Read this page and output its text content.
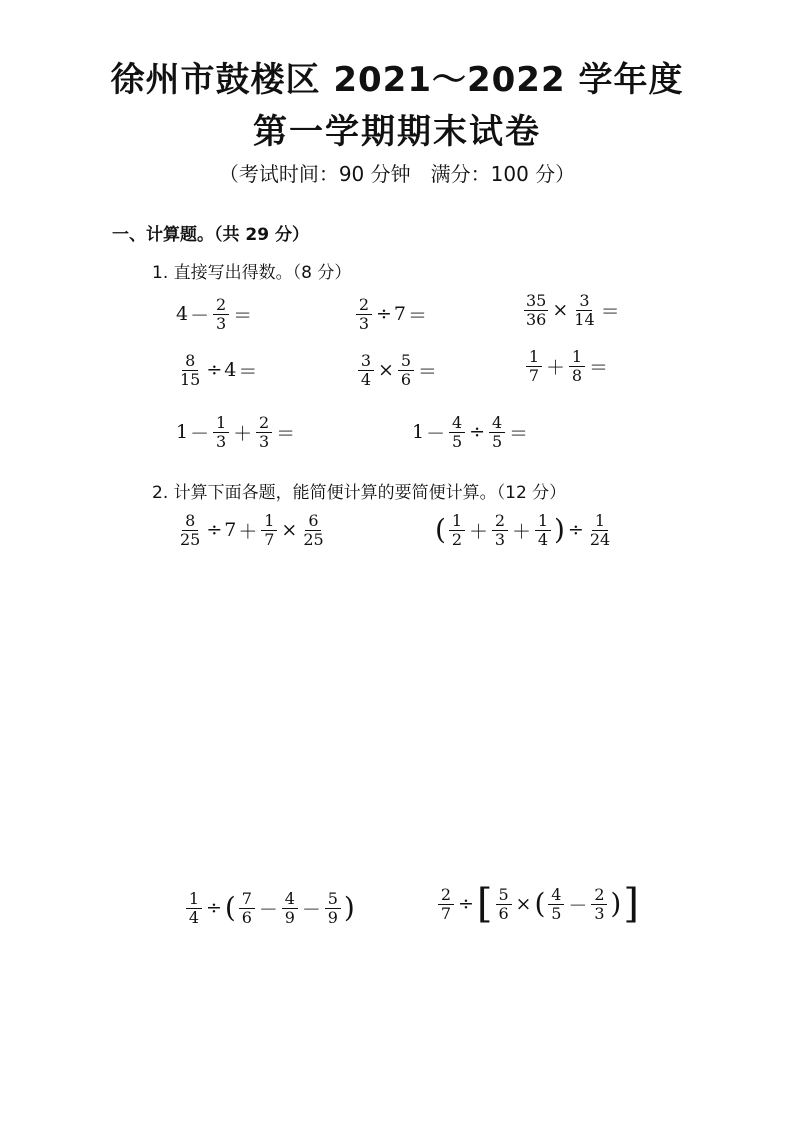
徐州市鼓楼区 2021～2022 学年度
第一学期期末试卷
（考试时间：90 分钟　满分：100 分）
一、计算题。（共 29 分）
1. 直接写出得数。（8 分）
$4 - \frac{2}{3}$ ＝	$\frac{2}{3} \div 7$ ＝	$\frac{35}{36} \times \frac{3}{14}$ ＝
$\frac{8}{15} \div 4$ ＝	$\frac{3}{4} \times \frac{5}{6}$ ＝	$\frac{1}{7} + \frac{1}{8}$ ＝
$1 - \frac{1}{3} + \frac{2}{3}$ ＝	$1 - \frac{4}{5} \div \frac{4}{5}$ ＝
2. 计算下面各题，能简便计算的要简便计算。（12 分）
$\frac{8}{25} \div 7 + \frac{1}{7} \times \frac{6}{25}$	( $\frac{1}{2} + \frac{2}{3} + \frac{1}{4}$ ) ÷ $\frac{1}{24}$
$\frac{1}{4}$ ÷ ( $\frac{7}{6} - \frac{4}{9} - \frac{5}{9}$ )	$\frac{2}{7}$ ÷ [ $\frac{5}{6}$ × ( $\frac{4}{5} - \frac{2}{3}$ ) ]
